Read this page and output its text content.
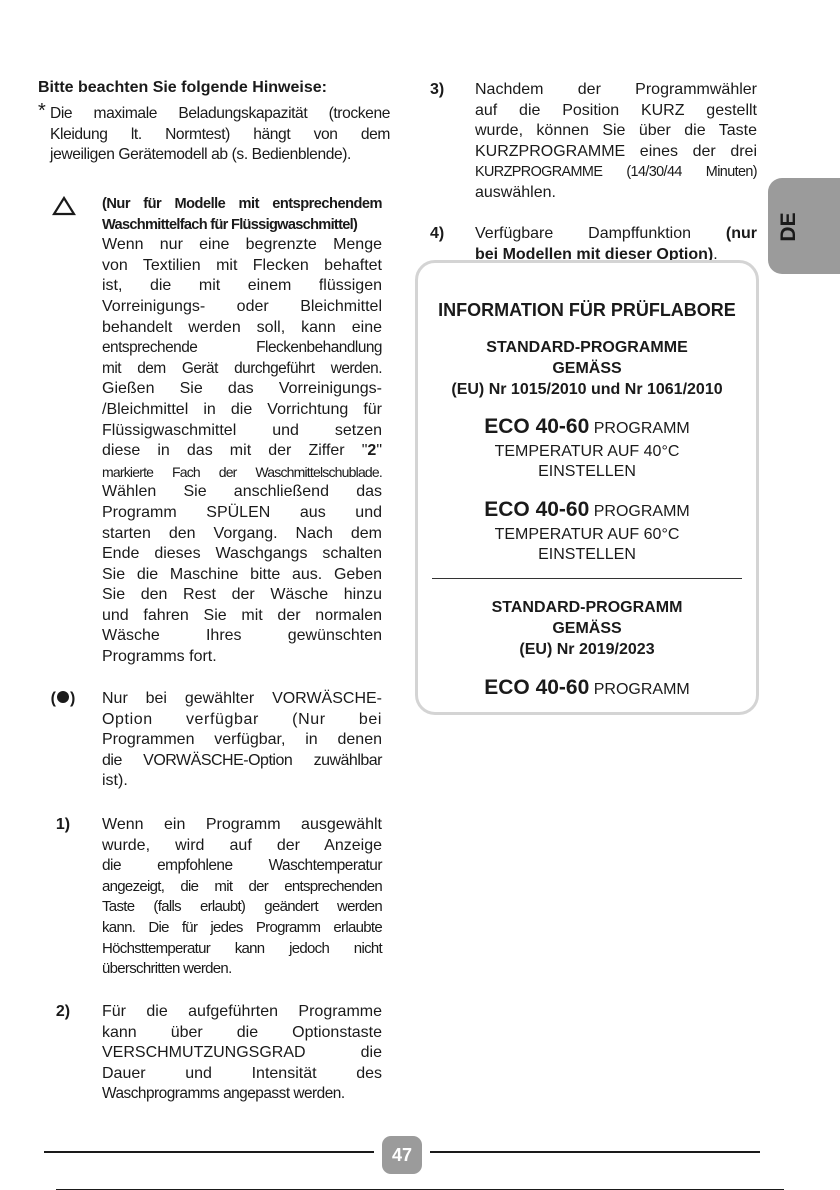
Bitte beachten Sie folgende Hinweise:
* Die maximale Beladungskapazität (trockene
Kleidung lt. Normtest) hängt von dem
jeweiligen Gerätemodell ab (s. Bedienblende).
(Nur für Modelle mit entsprechendem
Waschmittelfach für Flüssigwaschmittel)
Wenn nur eine begrenzte Menge
von Textilien mit Flecken behaftet
ist, die mit einem flüssigen
Vorreinigungs- oder Bleichmittel
behandelt werden soll, kann eine
entsprechende Fleckenbehandlung
mit dem Gerät durchgeführt werden.
Gießen Sie das Vorreinigungs-
/Bleichmittel in die Vorrichtung für
Flüssigwaschmittel und setzen
diese in das mit der Ziffer "2"
markierte Fach der Waschmittelschublade.
Wählen Sie anschließend das
Programm SPÜLEN aus und
starten den Vorgang. Nach dem
Ende dieses Waschgangs schalten
Sie die Maschine bitte aus. Geben
Sie den Rest der Wäsche hinzu
und fahren Sie mit der normalen
Wäsche Ihres gewünschten
Programms fort.
( )	Nur bei gewählter VORWÄSCHE-
Option verfügbar (Nur bei
Programmen verfügbar, in denen
die VORWÄSCHE-Option zuwählbar
ist).
1)	Wenn ein Programm ausgewählt
wurde, wird auf der Anzeige
die empfohlene Waschtemperatur
angezeigt, die mit der entsprechenden
Taste (falls erlaubt) geändert werden
kann. Die für jedes Programm erlaubte
Höchsttemperatur kann jedoch nicht
überschritten werden.
2)	Für die aufgeführten Programme
kann über die Optionstaste
VERSCHMUTZUNGSGRAD die
Dauer und Intensität des
Waschprogramms angepasst werden.
3) Nachdem der Programmwähler
auf die Position KURZ gestellt
wurde, können Sie über die Taste
KURZPROGRAMME eines der drei
KURZPROGRAMME (14/30/44 Minuten)
auswählen.
4) Verfügbare Dampffunktion (nur
bei Modellen mit dieser Option).
INFORMATION FÜR PRÜFLABORE
STANDARD-PROGRAMME
GEMÄSS
(EU) Nr 1015/2010 und Nr 1061/2010
ECO 40-60 PROGRAMM
TEMPERATUR AUF 40°C
EINSTELLEN
ECO 40-60 PROGRAMM
TEMPERATUR AUF 60°C
EINSTELLEN
STANDARD-PROGRAMM
GEMÄSS
(EU) Nr 2019/2023
ECO 40-60 PROGRAMM
DE
47
